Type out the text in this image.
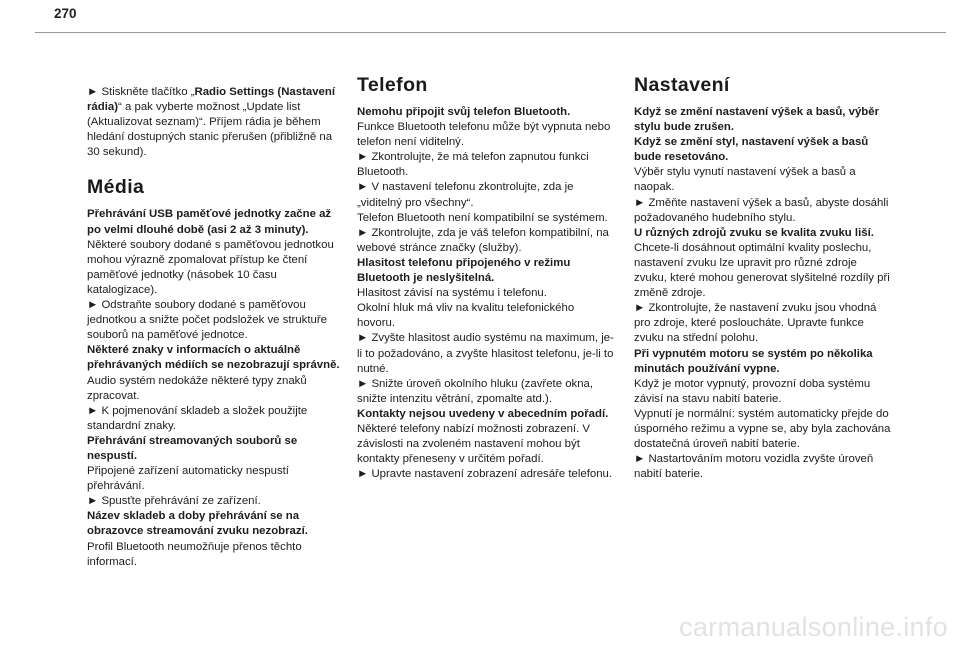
270

► Stiskněte tlačítko „Radio Settings (Nastavení rádia)“ a pak vyberte možnost „Update list (Aktualizovat seznam)“. Příjem rádia je během hledání dostupných stanic přerušen (přibližně na 30 sekund).

Média

Přehrávání USB paměťové jednotky začne až po velmi dlouhé době (asi 2 až 3 minuty).

Některé soubory dodané s paměťovou jednotkou mohou výrazně zpomalovat přístup ke čtení paměťové jednotky (násobek 10 času katalogizace).

► Odstraňte soubory dodané s paměťovou jednotkou a snižte počet podsložek ve struktuře souborů na paměťové jednotce.

Některé znaky v informacích o aktuálně přehrávaných médiích se nezobrazují správně.

Audio systém nedokáže některé typy znaků zpracovat.

► K pojmenování skladeb a složek použijte standardní znaky.

Přehrávání streamovaných souborů se nespustí.

Připojené zařízení automaticky nespustí přehrávání.

► Spusťte přehrávání ze zařízení.

Název skladeb a doby přehrávání se na obrazovce streamování zvuku nezobrazí.

Profil Bluetooth neumožňuje přenos těchto informací.

Telefon

Nemohu připojit svůj telefon Bluetooth.

Funkce Bluetooth telefonu může být vypnuta nebo telefon není viditelný.

► Zkontrolujte, že má telefon zapnutou funkci Bluetooth.

► V nastavení telefonu zkontrolujte, zda je „viditelný pro všechny“.

Telefon Bluetooth není kompatibilní se systémem.

► Zkontrolujte, zda je váš telefon kompatibilní, na webové stránce značky (služby).

Hlasitost telefonu připojeného v režimu Bluetooth je neslyšitelná.

Hlasitost závisí na systému i telefonu.

Okolní hluk má vliv na kvalitu telefonického hovoru.

► Zvyšte hlasitost audio systému na maximum, je-li to požadováno, a zvyšte hlasitost telefonu, je-li to nutné.

► Snižte úroveň okolního hluku (zavřete okna, snižte intenzitu větrání, zpomalte atd.).

Kontakty nejsou uvedeny v abecedním pořadí.

Některé telefony nabízí možnosti zobrazení. V závislosti na zvoleném nastavení mohou být kontakty přeneseny v určitém pořadí.

► Upravte nastavení zobrazení adresáře telefonu.

Nastavení

Když se změní nastavení výšek a basů, výběr stylu bude zrušen.

Když se změní styl, nastavení výšek a basů bude resetováno.

Výběr stylu vynutí nastavení výšek a basů a naopak.

► Změňte nastavení výšek a basů, abyste dosáhli požadovaného hudebního stylu.

U různých zdrojů zvuku se kvalita zvuku liší.

Chcete-li dosáhnout optimální kvality poslechu, nastavení zvuku lze upravit pro různé zdroje zvuku, které mohou generovat slyšitelné rozdíly při změně zdroje.

► Zkontrolujte, že nastavení zvuku jsou vhodná pro zdroje, které posloucháte. Upravte funkce zvuku na střední polohu.

Při vypnutém motoru se systém po několika minutách používání vypne.

Když je motor vypnutý, provozní doba systému závisí na stavu nabití baterie.

Vypnutí je normální: systém automaticky přejde do úsporného režimu a vypne se, aby byla zachována dostatečná úroveň nabití baterie.

► Nastartováním motoru vozidla zvyšte úroveň nabití baterie.

carmanualsonline.info
